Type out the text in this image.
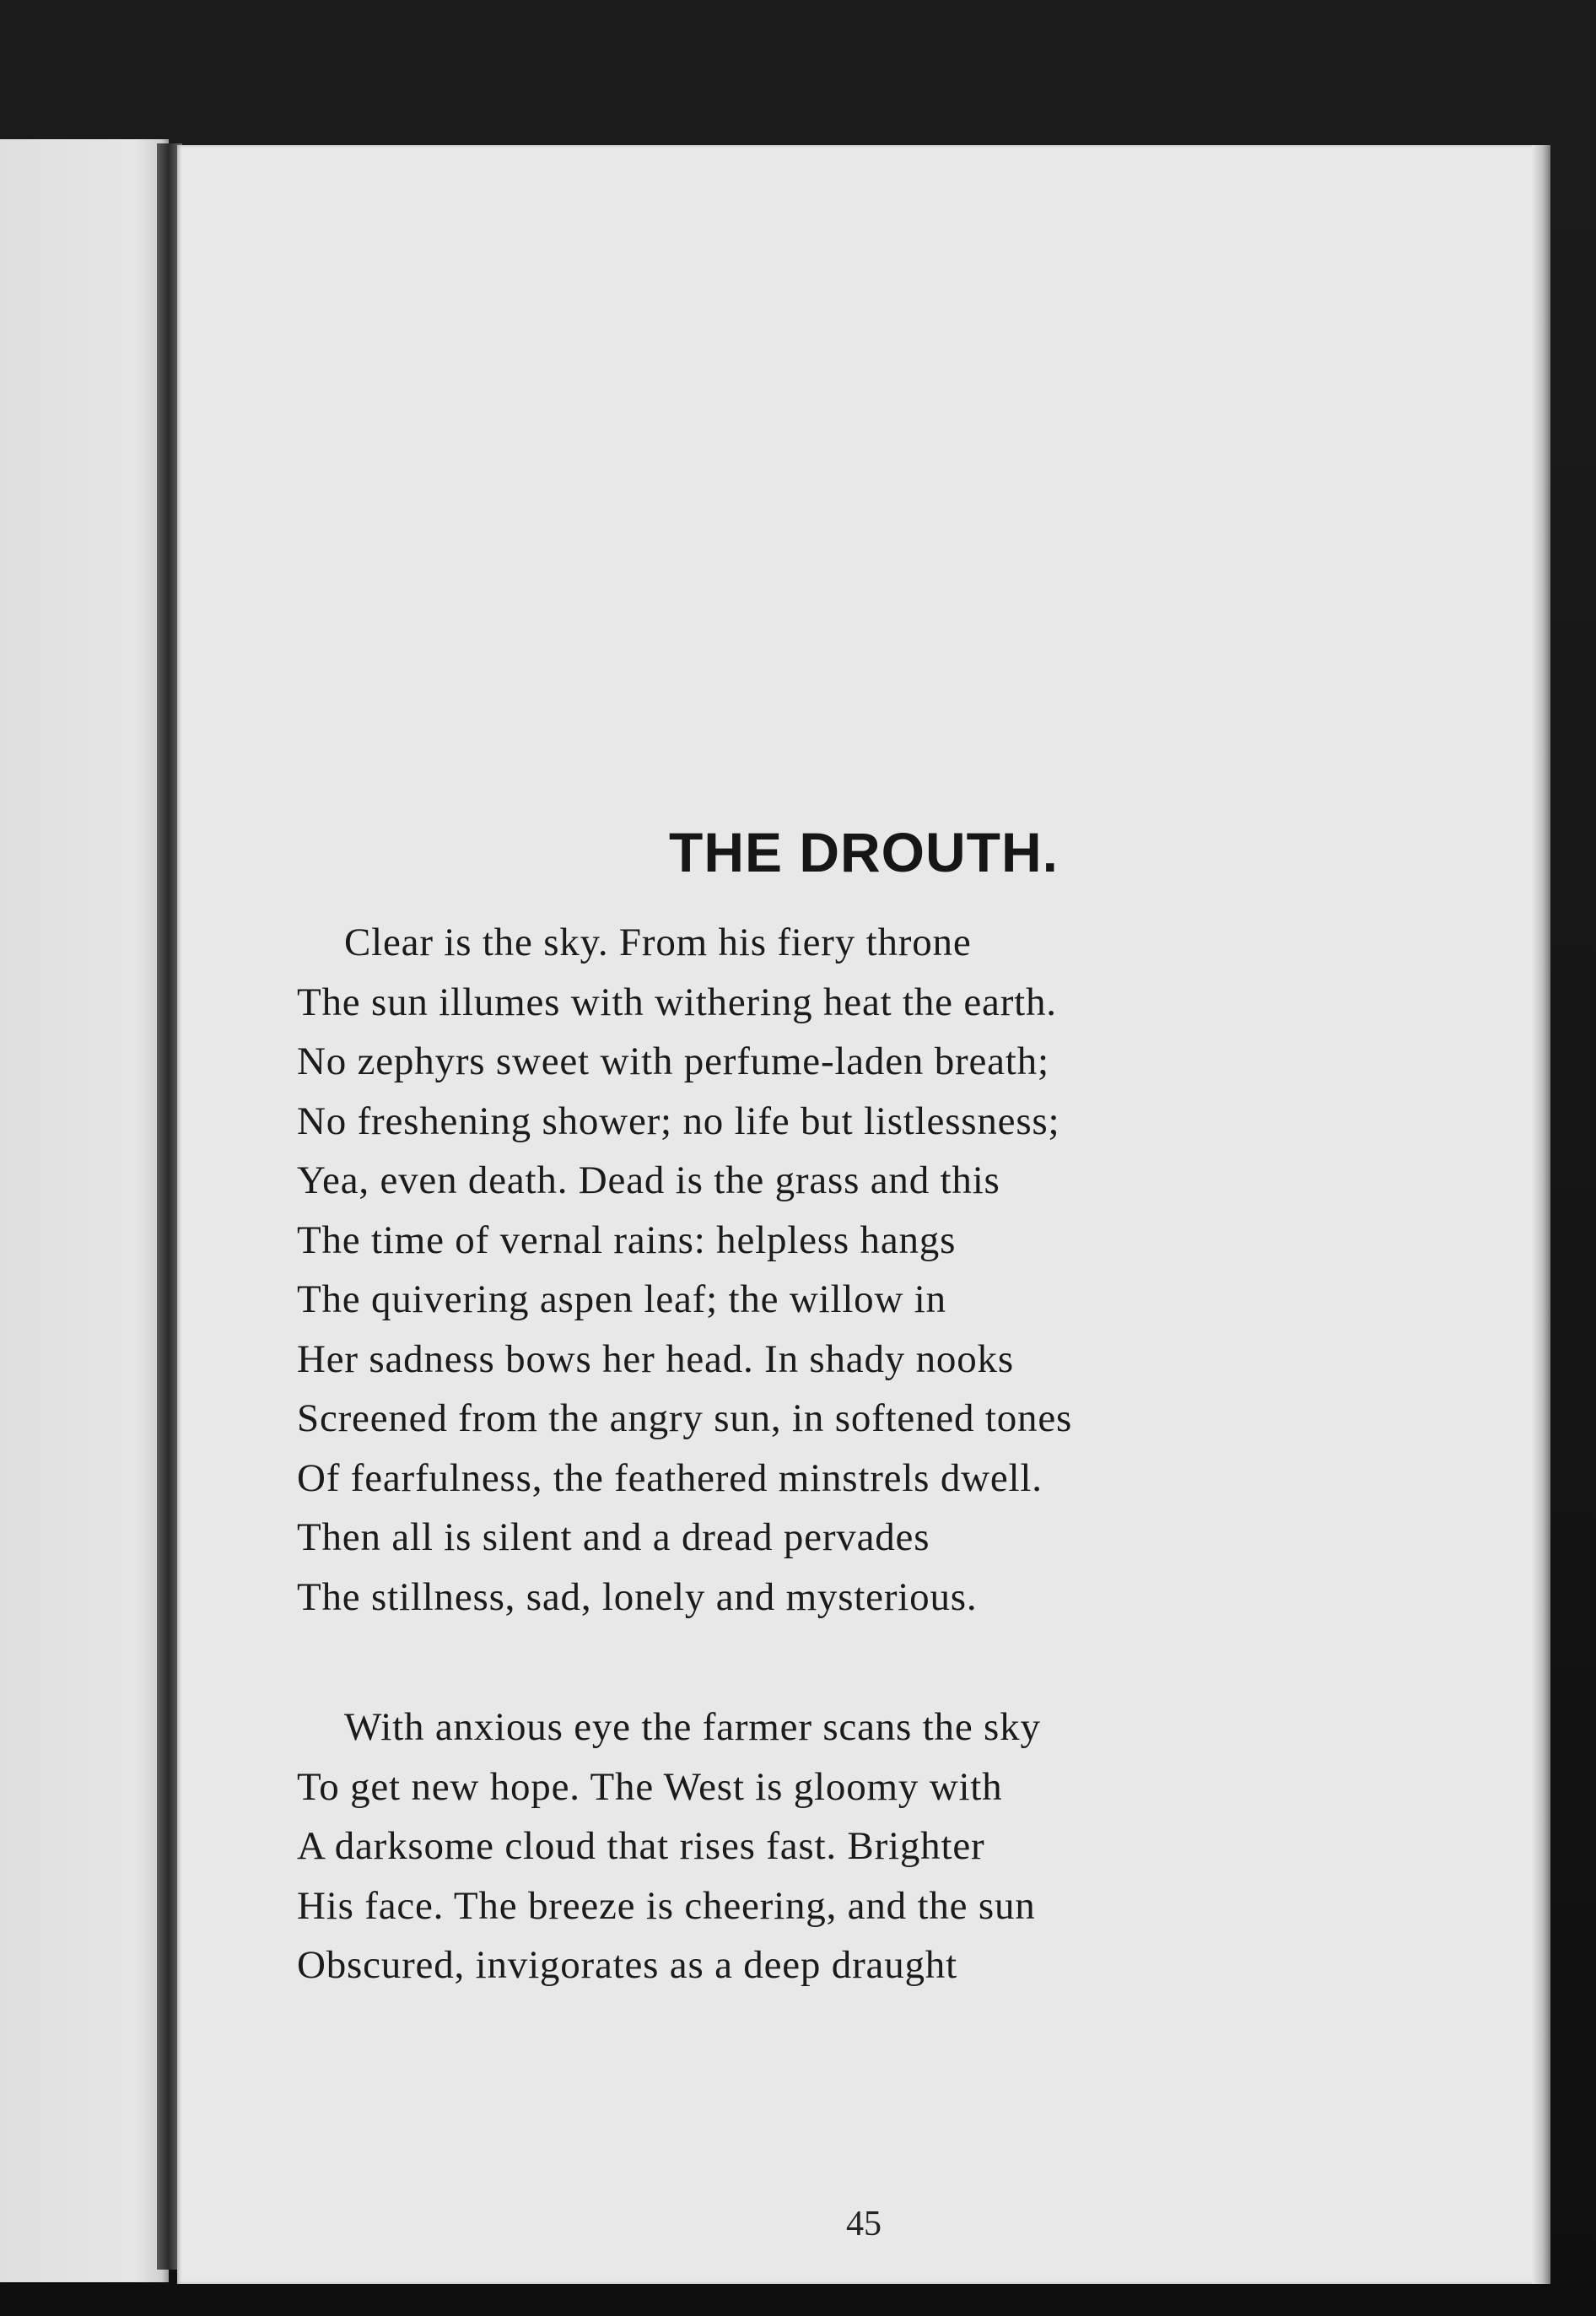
THE DROUTH.
Clear is the sky. From his fiery throne
The sun illumes with withering heat the earth.
No zephyrs sweet with perfume-laden breath;
No freshening shower; no life but listlessness;
Yea, even death. Dead is the grass and this
The time of vernal rains: helpless hangs
The quivering aspen leaf; the willow in
Her sadness bows her head. In shady nooks
Screened from the angry sun, in softened tones
Of fearfulness, the feathered minstrels dwell.
Then all is silent and a dread pervades
The stillness, sad, lonely and mysterious.
With anxious eye the farmer scans the sky
To get new hope. The West is gloomy with
A darksome cloud that rises fast. Brighter
His face. The breeze is cheering, and the sun
Obscured, invigorates as a deep draught
45
